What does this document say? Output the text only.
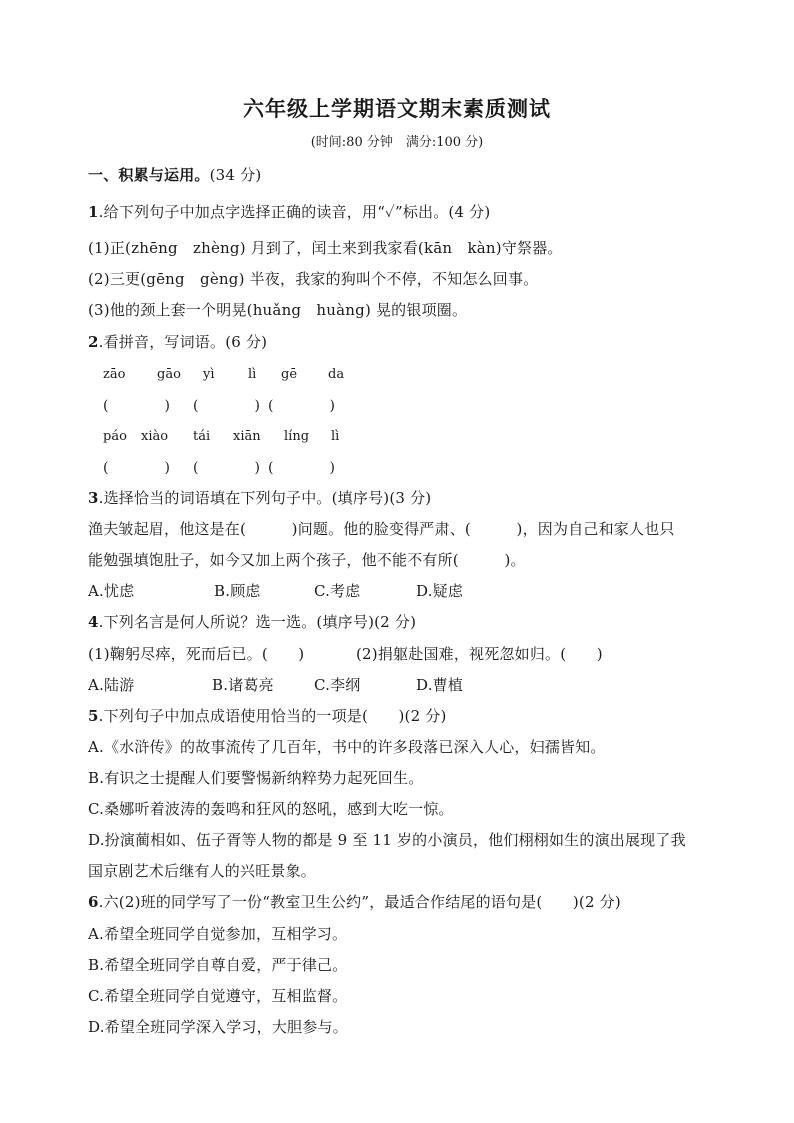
六年级上学期语文期末素质测试
(时间:80 分钟　满分:100 分)
一、积累与运用。(34 分)
1.给下列句子中加点字选择正确的读音，用“✓”标出。(4 分)
(1)正(zhēng　zhèng) 月到了，闰土来到我家看(kān　kàn)守祭器。
(2)三更(gēng　gèng) 半夜，我家的狗叫个不停，不知怎么回事。
(3)他的颈上套一个明晃(huǎng　huàng) 晃的银项圈。
2.看拼音，写词语。(6 分)
zāo gāo yì	lì gē da
(　　　　) (　　　　) (　　　　)
páo xiào tái xiān líng lì
(　　　　) (　　　　) (　　　　)
3.选择恰当的词语填在下列句子中。(填序号)(3 分)
渔夫皱起眉，他这是在(　　　)问题。他的脸变得严肃、(　　　)，因为自己和家人也只
能勉强填饱肚子，如今又加上两个孩子，他不能不有所(　　　)。
A.忧虑	B.顾虑	C.考虑	D.疑虑
4.下列名言是何人所说？选一选。(填序号)(2 分)
(1)鞠躬尽瘁，死而后已。(　　)	(2)捐躯赴国难，视死忽如归。(　　)
A.陆游	B.诸葛亮	C.李纲	D.曹植
5.下列句子中加点成语使用恰当的一项是(　　)(2 分)
A.《水浒传》的故事流传了几百年，书中的许多段落已深入人心，妇孺皆知。
B.有识之士提醒人们要警惕新纳粹势力起死回生。
C.桑娜听着波涛的轰鸣和狂风的怒吼，感到大吃一惊。
D.扮演蔺相如、伍子胥等人物的都是 9 至 11 岁的小演员，他们栩栩如生的演出展现了我
国京剧艺术后继有人的兴旺景象。
6.六(2)班的同学写了一份“教室卫生公约”，最适合作结尾的语句是(　　)(2 分)
A.希望全班同学自觉参加，互相学习。
B.希望全班同学自尊自爱，严于律己。
C.希望全班同学自觉遵守，互相监督。
D.希望全班同学深入学习，大胆参与。
